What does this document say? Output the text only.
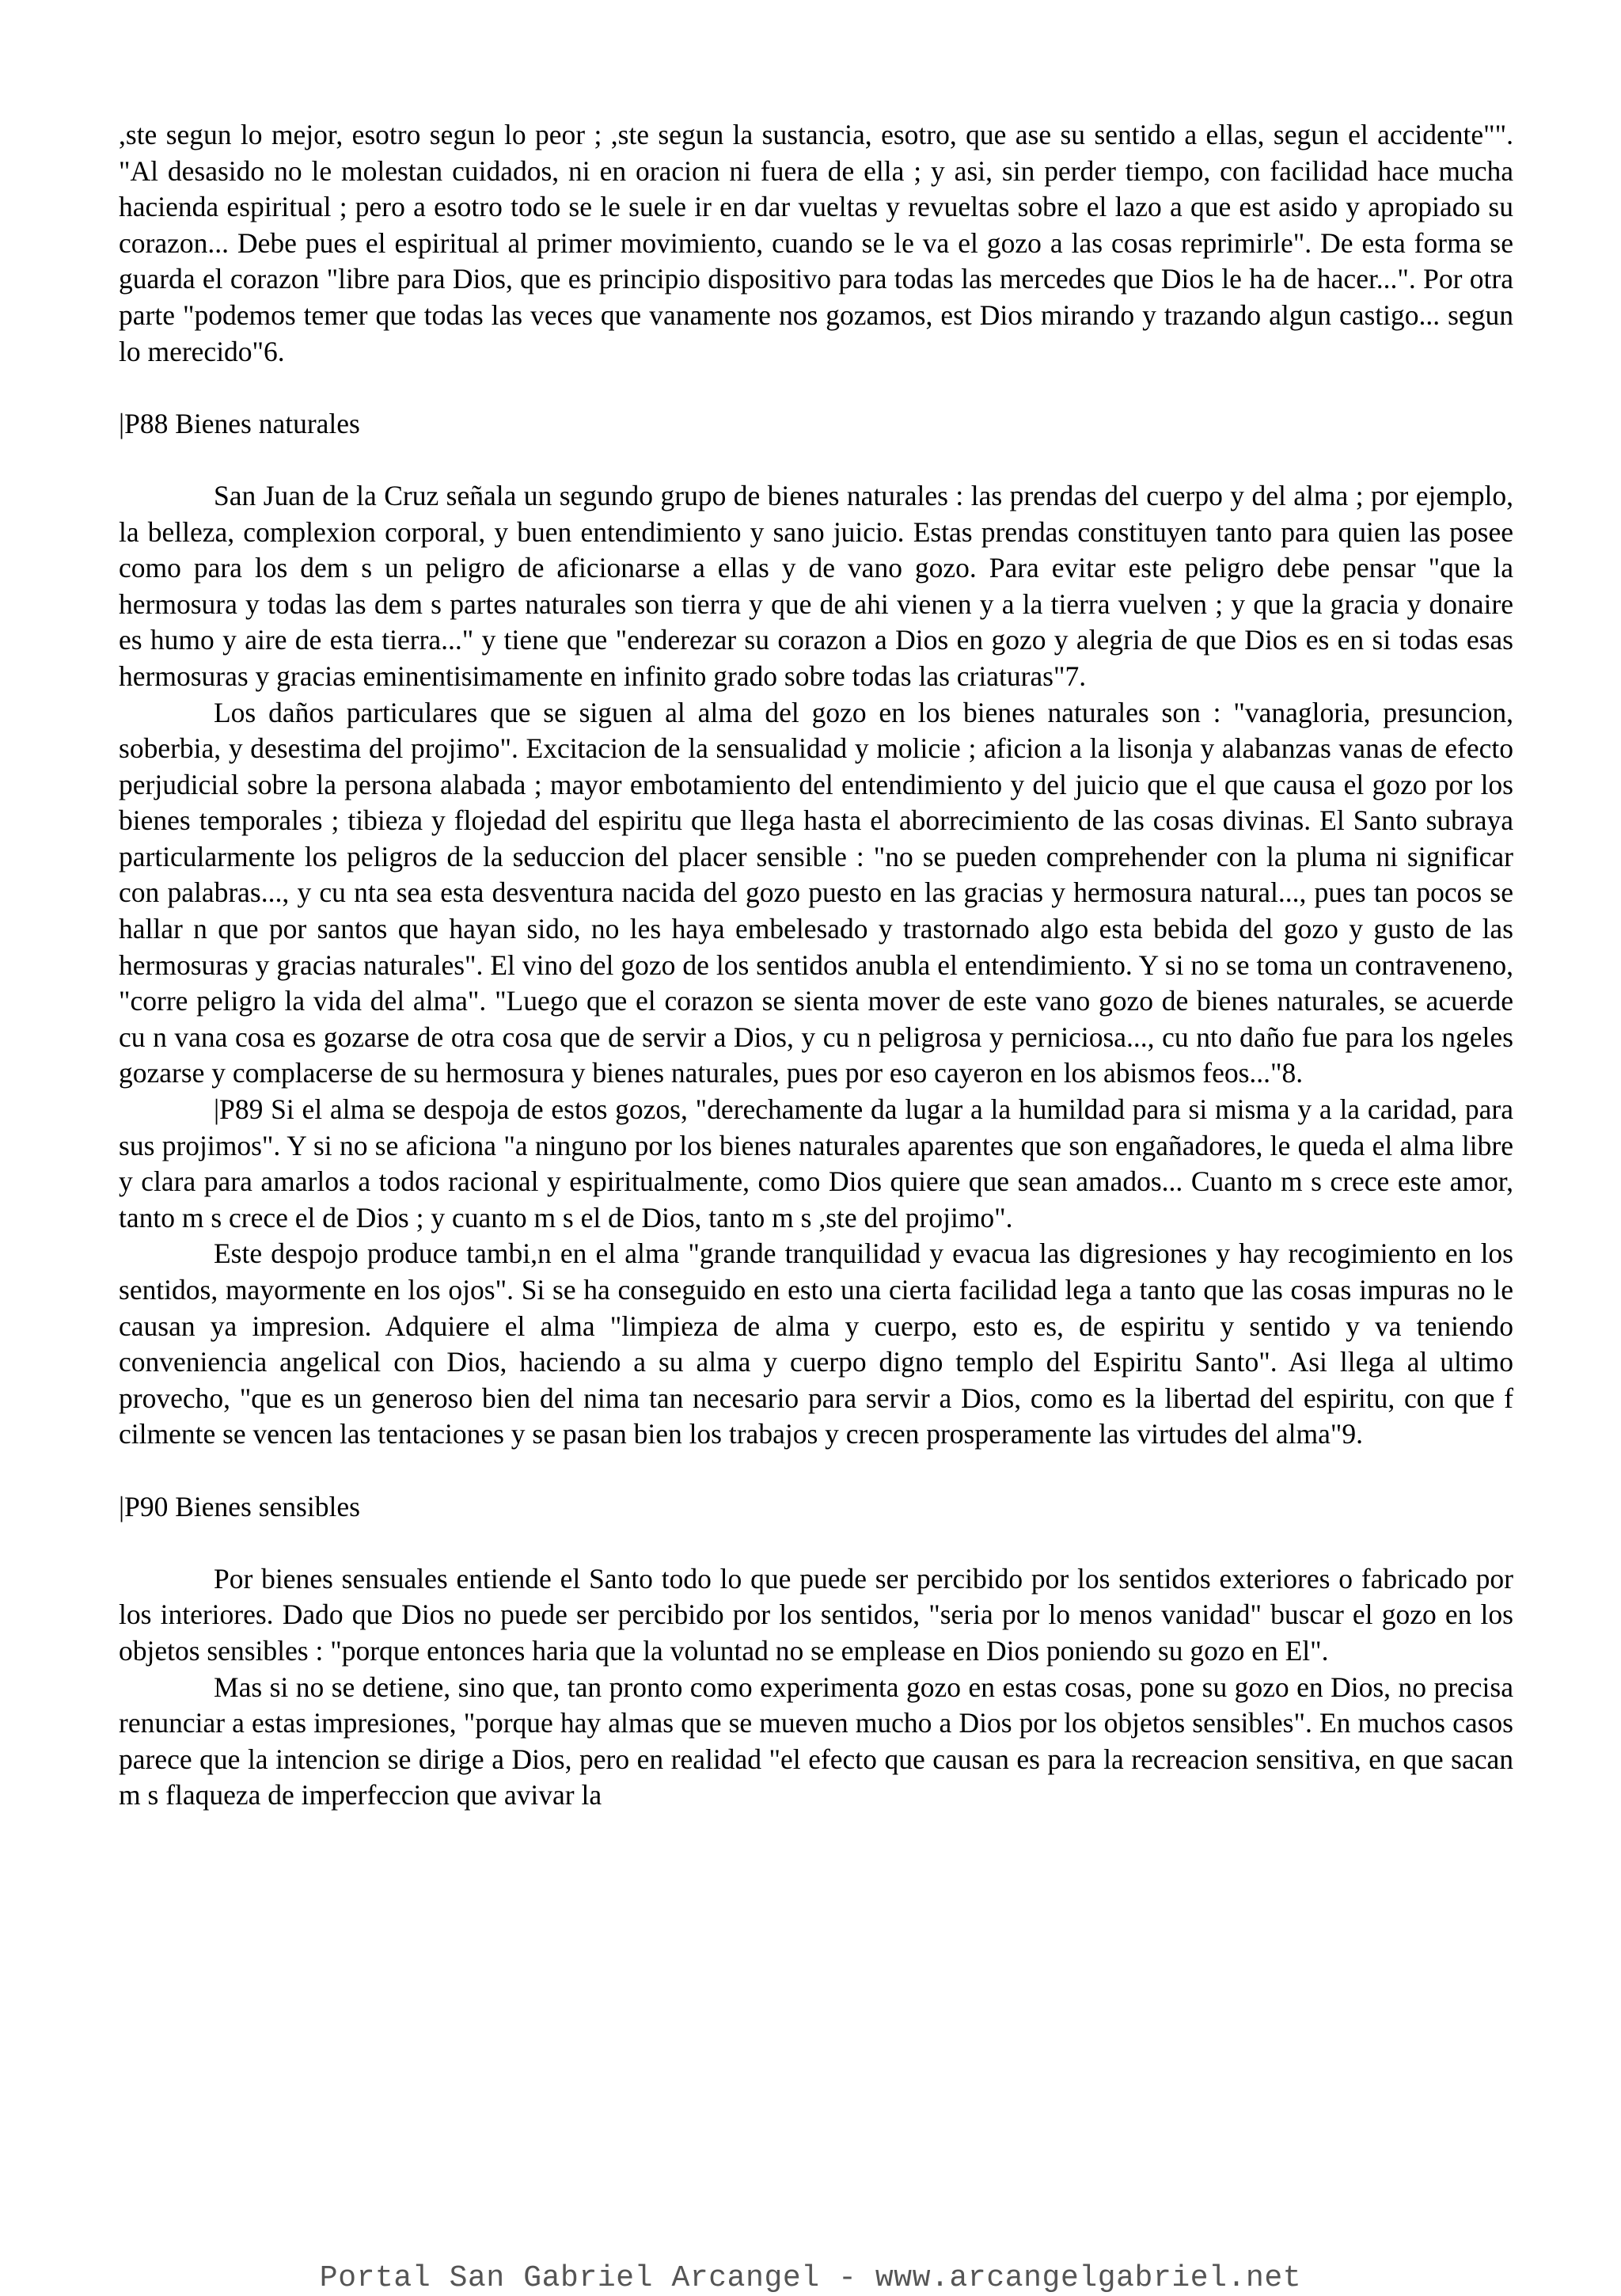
,ste segun lo mejor, esotro segun lo peor ; ,ste segun la sustancia, esotro, que ase su sentido a ellas, segun el accidente"". "Al desasido no le molestan cuidados, ni en oracion ni fuera de ella ; y asi, sin perder tiempo, con facilidad hace mucha hacienda espiritual ; pero a esotro todo se le suele ir en dar vueltas y revueltas sobre el lazo a que est asido y apropiado su corazon... Debe pues el espiritual al primer movimiento, cuando se le va el gozo a las cosas reprimirle". De esta forma se guarda el corazon "libre para Dios, que es principio dispositivo para todas las mercedes que Dios le ha de hacer...". Por otra parte "podemos temer que todas las veces que vanamente nos gozamos, est Dios mirando y trazando algun castigo... segun lo merecido"6.

|P88 Bienes naturales

San Juan de la Cruz señala un segundo grupo de bienes naturales : las prendas del cuerpo y del alma ; por ejemplo, la belleza, complexion corporal, y buen entendimiento y sano juicio. Estas prendas constituyen tanto para quien las posee como para los dem s un peligro de aficionarse a ellas y de vano gozo. Para evitar este peligro debe pensar "que la hermosura y todas las dem s partes naturales son tierra y que de ahi vienen y a la tierra vuelven ; y que la gracia y donaire es humo y aire de esta tierra..." y tiene que "enderezar su corazon a Dios en gozo y alegria de que Dios es en si todas esas hermosuras y gracias eminentisimamente en infinito grado sobre todas las criaturas"7.

Los daños particulares que se siguen al alma del gozo en los bienes naturales son : "vanagloria, presuncion, soberbia, y desestima del projimo". Excitacion de la sensualidad y molicie ; aficion a la lisonja y alabanzas vanas de efecto perjudicial sobre la persona alabada ; mayor embotamiento del entendimiento y del juicio que el que causa el gozo por los bienes temporales ; tibieza y flojedad del espiritu que llega hasta el aborrecimiento de las cosas divinas. El Santo subraya particularmente los peligros de la seduccion del placer sensible : "no se pueden comprehender con la pluma ni significar con palabras..., y cu nta sea esta desventura nacida del gozo puesto en las gracias y hermosura natural..., pues tan pocos se hallar n que por santos que hayan sido, no les haya embelesado y trastornado algo esta bebida del gozo y gusto de las hermosuras y gracias naturales". El vino del gozo de los sentidos anubla el entendimiento. Y si no se toma un contraveneno, "corre peligro la vida del alma". "Luego que el corazon se sienta mover de este vano gozo de bienes naturales, se acuerde cu n vana cosa es gozarse de otra cosa que de servir a Dios, y cu n peligrosa y perniciosa..., cu nto daño fue para los ngeles gozarse y complacerse de su hermosura y bienes naturales, pues por eso cayeron en los abismos feos..."8.

|P89 Si el alma se despoja de estos gozos, "derechamente da lugar a la humildad para si misma y a la caridad, para sus projimos". Y si no se aficiona "a ninguno por los bienes naturales aparentes que son engañadores, le queda el alma libre y clara para amarlos a todos racional y espiritualmente, como Dios quiere que sean amados... Cuanto m s crece este amor, tanto m s crece el de Dios ; y cuanto m s el de Dios, tanto m s ,ste del projimo".

Este despojo produce tambi,n en el alma "grande tranquilidad y evacua las digresiones y hay recogimiento en los sentidos, mayormente en los ojos". Si se ha conseguido en esto una cierta facilidad lega a tanto que las cosas impuras no le causan ya impresion. Adquiere el alma "limpieza de alma y cuerpo, esto es, de espiritu y sentido y va teniendo conveniencia angelical con Dios, haciendo a su alma y cuerpo digno templo del Espiritu Santo". Asi llega al ultimo provecho, "que es un generoso bien del nima tan necesario para servir a Dios, como es la libertad del espiritu, con que f cilmente se vencen las tentaciones y se pasan bien los trabajos y crecen prosperamente las virtudes del alma"9.

|P90 Bienes sensibles

Por bienes sensuales entiende el Santo todo lo que puede ser percibido por los sentidos exteriores o fabricado por los interiores. Dado que Dios no puede ser percibido por los sentidos, "seria por lo menos vanidad" buscar el gozo en los objetos sensibles : "porque entonces haria que la voluntad no se emplease en Dios poniendo su gozo en El".

Mas si no se detiene, sino que, tan pronto como experimenta gozo en estas cosas, pone su gozo en Dios, no precisa renunciar a estas impresiones, "porque hay almas que se mueven mucho a Dios por los objetos sensibles". En muchos casos parece que la intencion se dirige a Dios, pero en realidad "el efecto que causan es para la recreacion sensitiva, en que sacan m s flaqueza de imperfeccion que avivar la

Portal San Gabriel Arcangel - www.arcangelgabriel.net
